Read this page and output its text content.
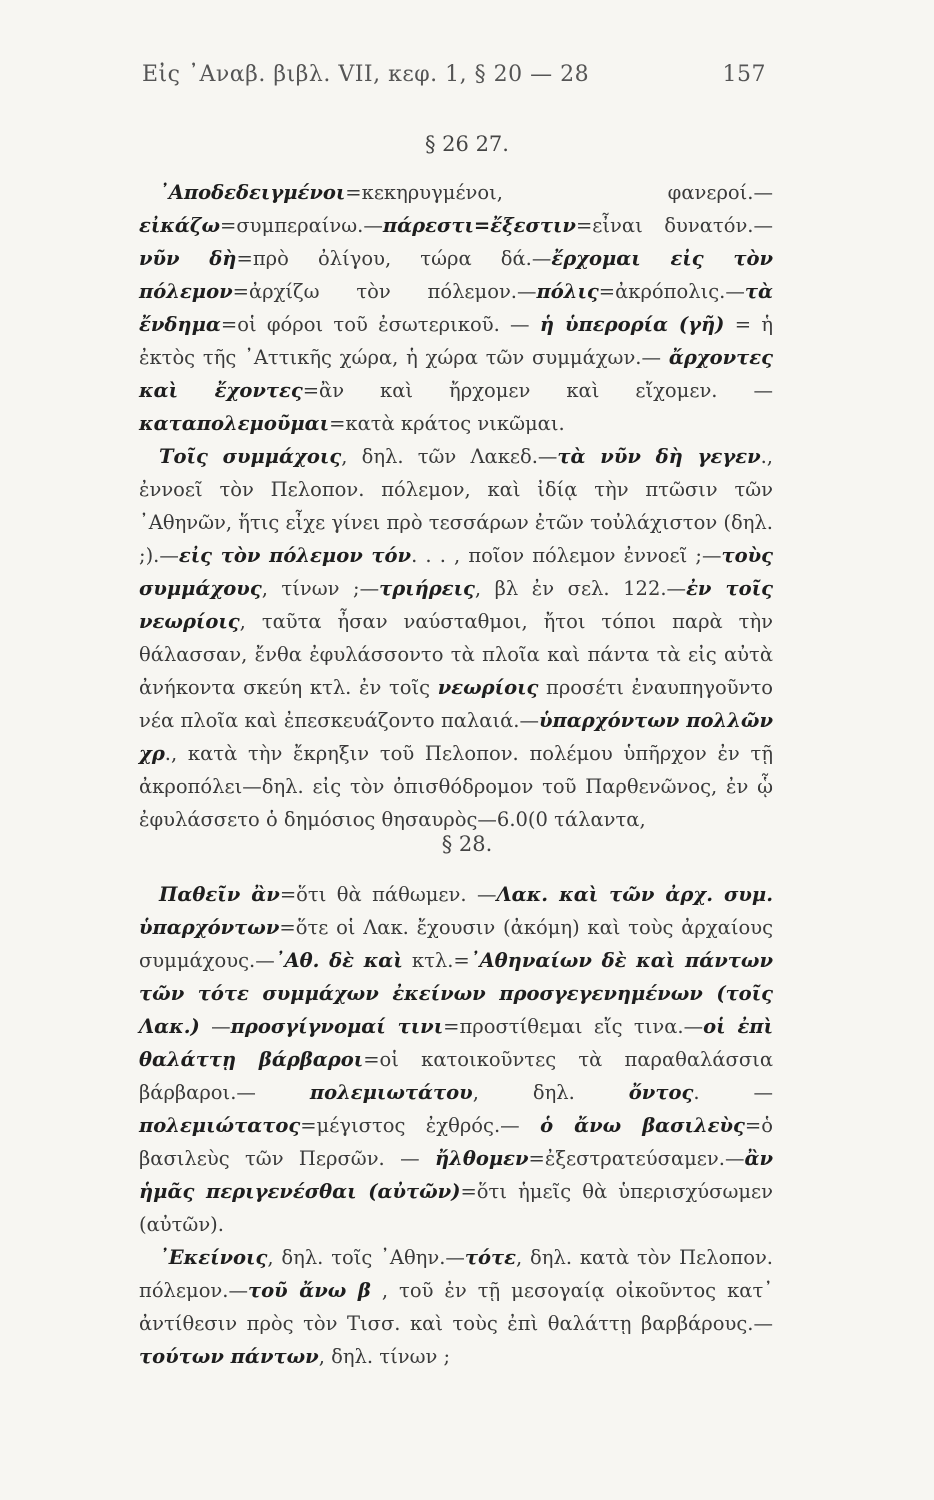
Εἰς ᾽Αναβ. βιβλ. VII, κεφ. 1, § 20 — 28	157
§ 26 27.

᾽Αποδεδειγμένοι=κεκηρυγμένοι, φανεροί.— εἰκάζω=συμπεραίνω.—πάρεστι=ἔξεστιν=εἶναι δυνατόν.— νῦν δὴ=πρὸ ὀλίγου, τώρα δά.—ἔρχομαι εἰς τὸν πόλεμον=ἀρχίζω τὸν πόλεμον.—πόλις=ἀκρόπολις.—τὰ ἔνδημα=οἱ φόροι τοῦ ἐσωτερικοῦ. — ἡ ὑπερορία (γῆ) = ἡ ἐκτὸς τῆς ᾽Αττικῆς χώρα, ἡ χώρα τῶν συμμάχων.— ἄρχοντες καὶ ἔχοντες=ἂν καὶ ἤρχομεν καὶ εἴχομεν. —καταπολεμοῦμαι=κατὰ κράτος νικῶμαι.

Τοῖς συμμάχοις, δηλ. τῶν Λακεδ.—τὰ νῦν δὴ γεγεν., ἐννοεῖ τὸν Πελοπον. πόλεμον, καὶ ἰδίᾳ τὴν πτῶσιν τῶν ᾽Αθηνῶν, ἥτις εἶχε γίνει πρὸ τεσσάρων ἐτῶν τοὐλάχιστον (δηλ. ;).—εἰς τὸν πόλεμον τόν. . . , ποῖον πόλεμον ἐννοεῖ ;—τοὺς συμμάχους, τίνων ;—τριήρεις, βλ ἐν σελ. 122.—ἐν τοῖς νεωρίοις, ταῦτα ἦσαν ναύσταθμοι, ἤτοι τόποι παρὰ τὴν θάλασσαν, ἔνθα ἐφυλάσσοντο τὰ πλοῖα καὶ πάντα τὰ εἰς αὐτὰ ἀνήκοντα σκεύη κτλ. ἐν τοῖς νεωρίοις προσέτι ἐναυπηγοῦντο νέα πλοῖα καὶ ἐπεσκευάζοντο παλαιά.—ὑπαρχόντων πολλῶν χρ., κατὰ τὴν ἔκρηξιν τοῦ Πελοπον. πολέμου ὑπῆρχον ἐν τῇ ἀκροπόλει—δηλ. εἰς τὸν ὀπισθόδρομον τοῦ Παρθενῶνος, ἐν ᾧ ἐφυλάσσετο ὁ δημόσιος θησαυρὸς—6.0(0 τάλαντα,

§ 28.

Παθεῖν ἂν=ὅτι θὰ πάθωμεν. —Λακ. καὶ τῶν ἀρχ. συμ. ὑπαρχόντων=ὅτε οἱ Λακ. ἔχουσιν (ἀκόμη) καὶ τοὺς ἀρχαίους συμμάχους.—᾽Αθ. δὲ καὶ κτλ.=᾽Αθηναίων δὲ καὶ πάντων τῶν τότε συμμάχων ἐκείνων προσγεγενημένων (τοῖς Λακ.) —προσγίγνομαί τινι=προστίθεμαι εἴς τινα.—οἱ ἐπὶ θαλάττῃ βάρβαροι=οἱ κατοικοῦντες τὰ παραθαλάσσια βάρβαροι.— πολεμιωτάτου, δηλ. ὄντος. — πολεμιώτατος=μέγιστος ἐχθρός.— ὁ ἄνω βασιλεὺς=ὁ βασιλεὺς τῶν Περσῶν. — ἤλθομεν=ἐξεστρατεύσαμεν.—ἂν ἡμᾶς περιγενέσθαι (αὐτῶν)=ὅτι ἡμεῖς θὰ ὑπερισχύσωμεν (αὐτῶν).

᾽Εκείνοις, δηλ. τοῖς ᾽Αθην.—τότε, δηλ. κατὰ τὸν Πελοπον. πόλεμον.—τοῦ ἄνω β , τοῦ ἐν τῇ μεσογαίᾳ οἰκοῦντος κατ᾽ ἀντίθεσιν πρὸς τὸν Τισσ. καὶ τοὺς ἐπὶ θαλάττῃ βαρβάρους.—τούτων πάντων, δηλ. τίνων ;
